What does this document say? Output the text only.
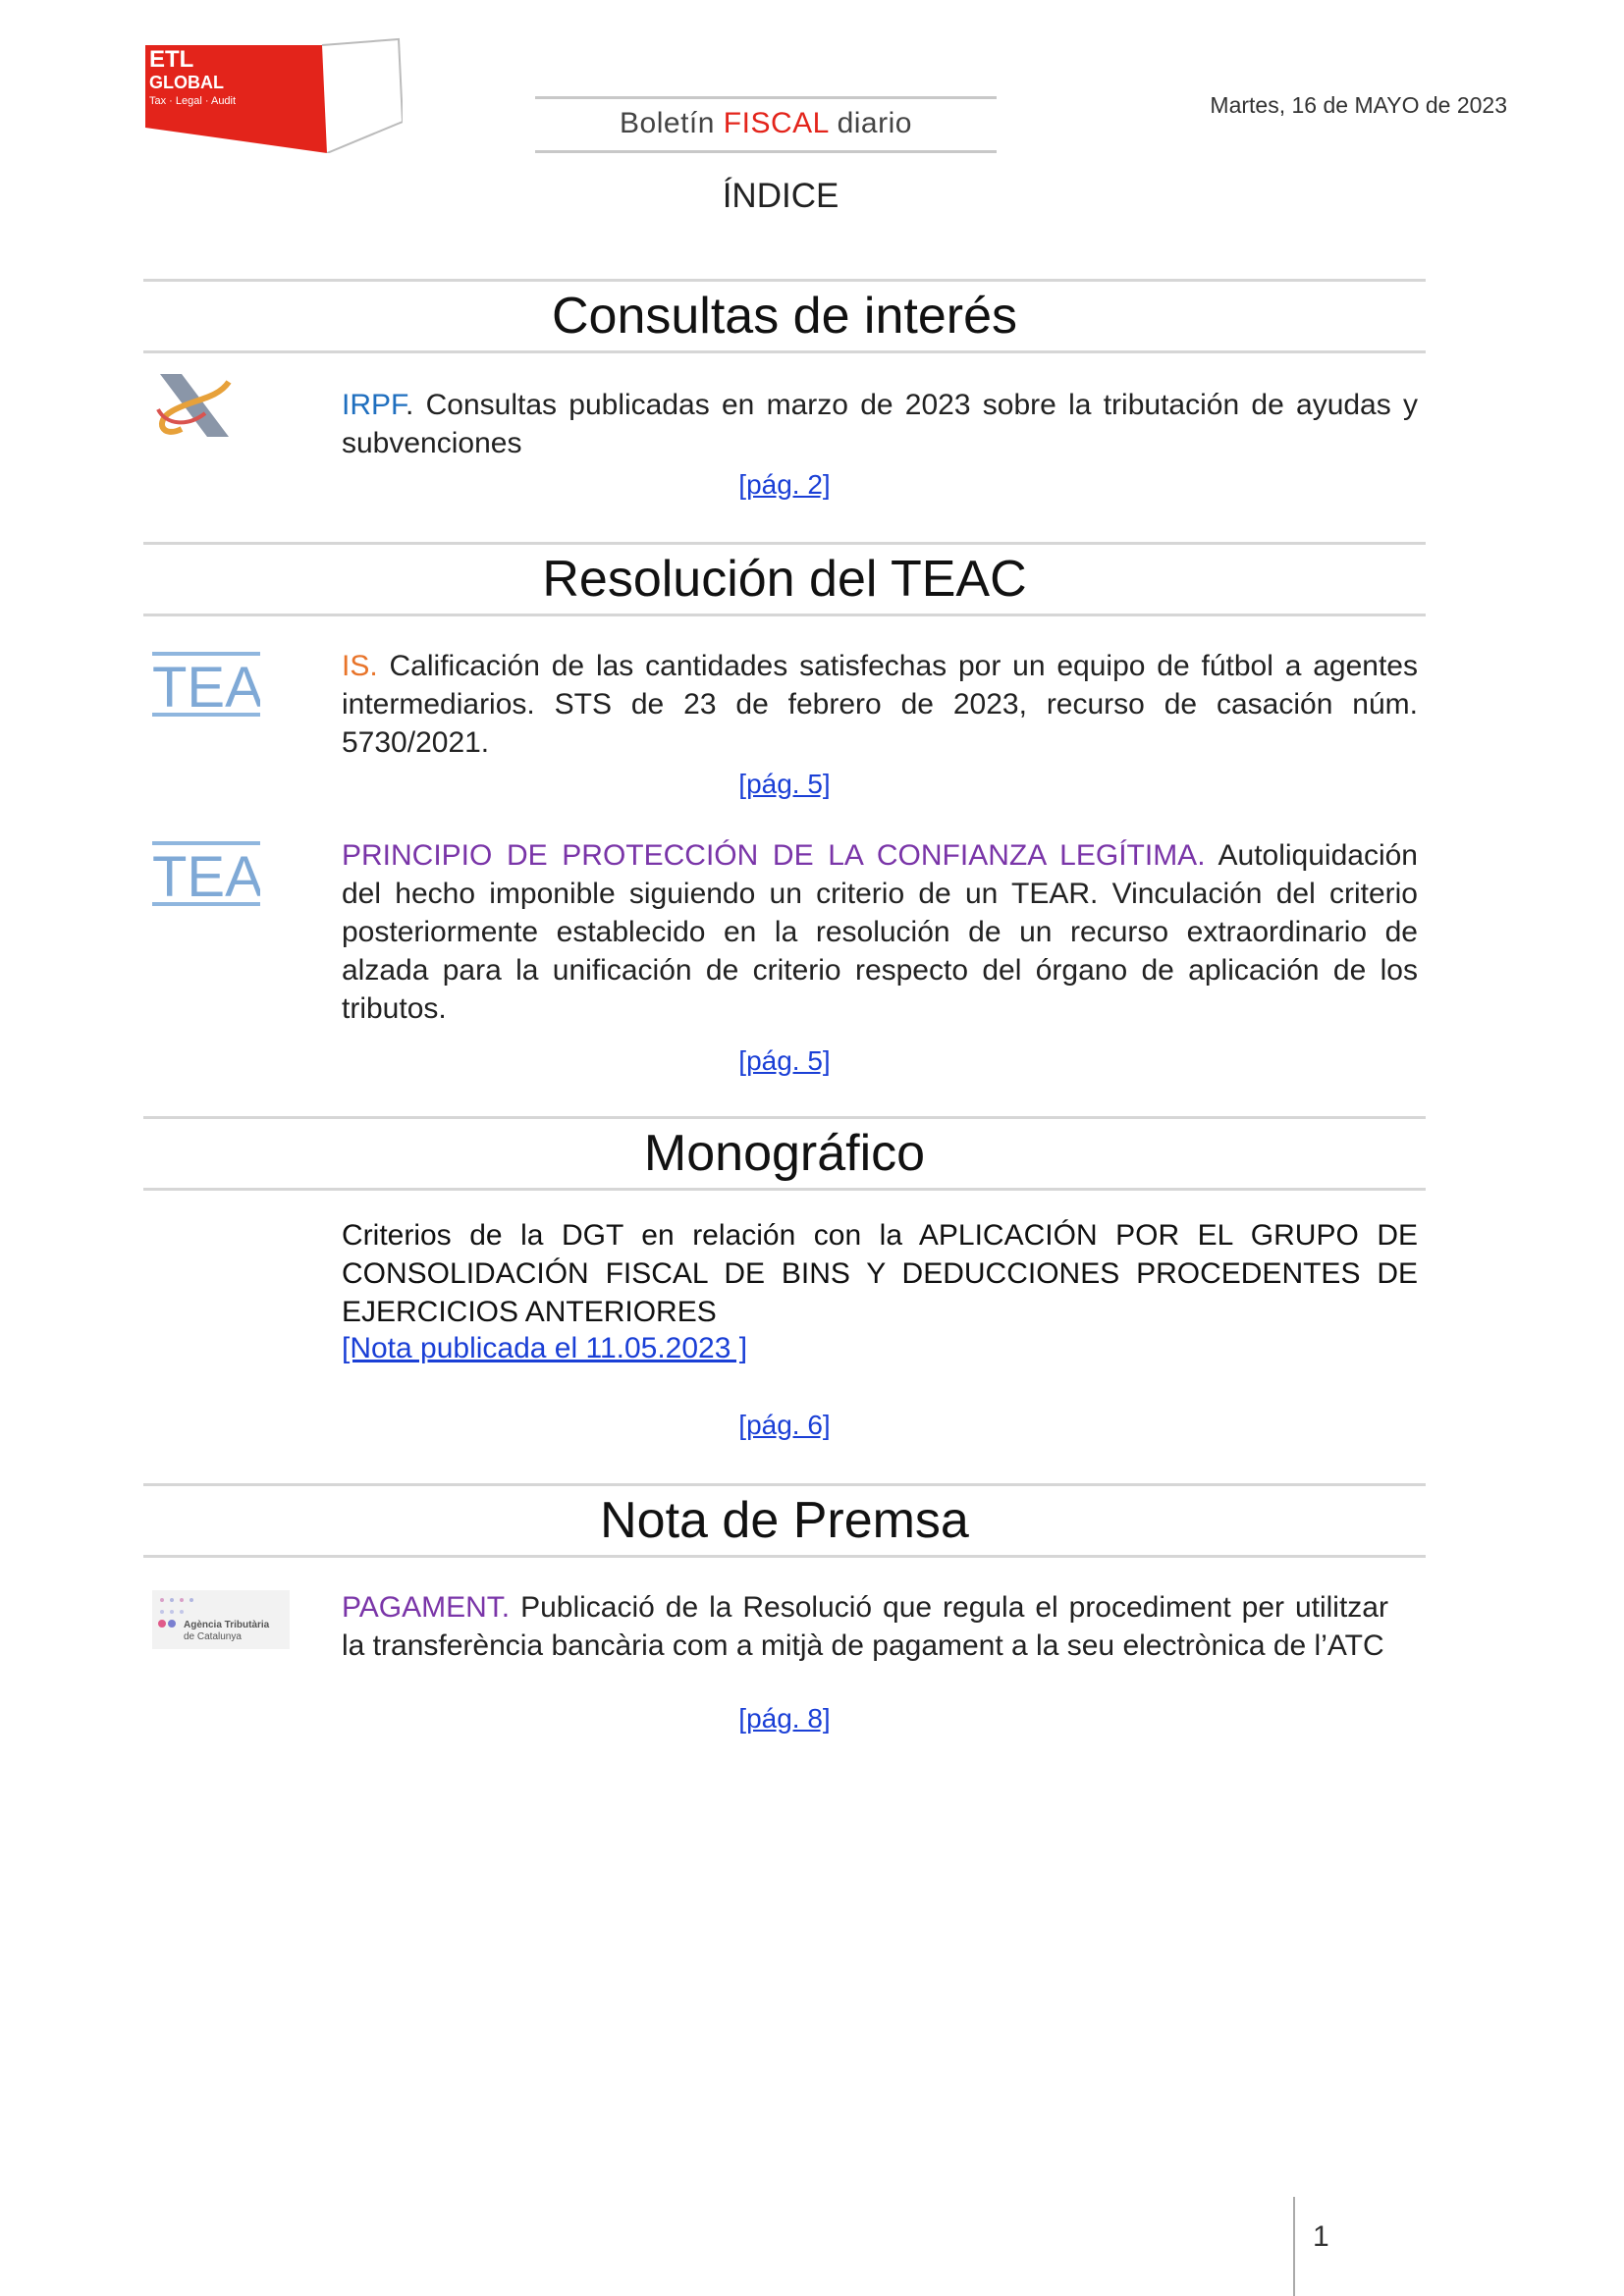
ETL
GLOBAL
Tax · Legal · Audit
Boletín FISCAL diario
Martes, 16 de MAYO de 2023
ÍNDICE
Consultas de interés
IRPF. Consultas publicadas en marzo de 2023 sobre la tributación de ayudas y subvenciones
[pág. 2]
Resolución del TEAC
TEA	IS. Calificación de las cantidades satisfechas por un equipo de fútbol a agentes intermediarios. STS de 23 de febrero de 2023, recurso de casación núm. 5730/2021.
[pág. 5]
TEA	PRINCIPIO DE PROTECCIÓN DE LA CONFIANZA LEGÍTIMA. Autoliquidación del hecho imponible siguiendo un criterio de un TEAR. Vinculación del criterio posteriormente establecido en la resolución de un recurso extraordinario de alzada para la unificación de criterio respecto del órgano de aplicación de los tributos.
[pág. 5]
Monográfico
Criterios de la DGT en relación con la APLICACIÓN POR EL GRUPO DE CONSOLIDACIÓN FISCAL DE BINS Y DEDUCCIONES PROCEDENTES DE EJERCICIOS ANTERIORES
[Nota publicada el 11.05.2023 ]
[pág. 6]
Nota de Premsa
Agència Tributària
de Catalunya
PAGAMENT. Publicació de la Resolució que regula el procediment per utilitzar la transferència bancària com a mitjà de pagament a la seu electrònica de l’ATC
[pág. 8]
1
